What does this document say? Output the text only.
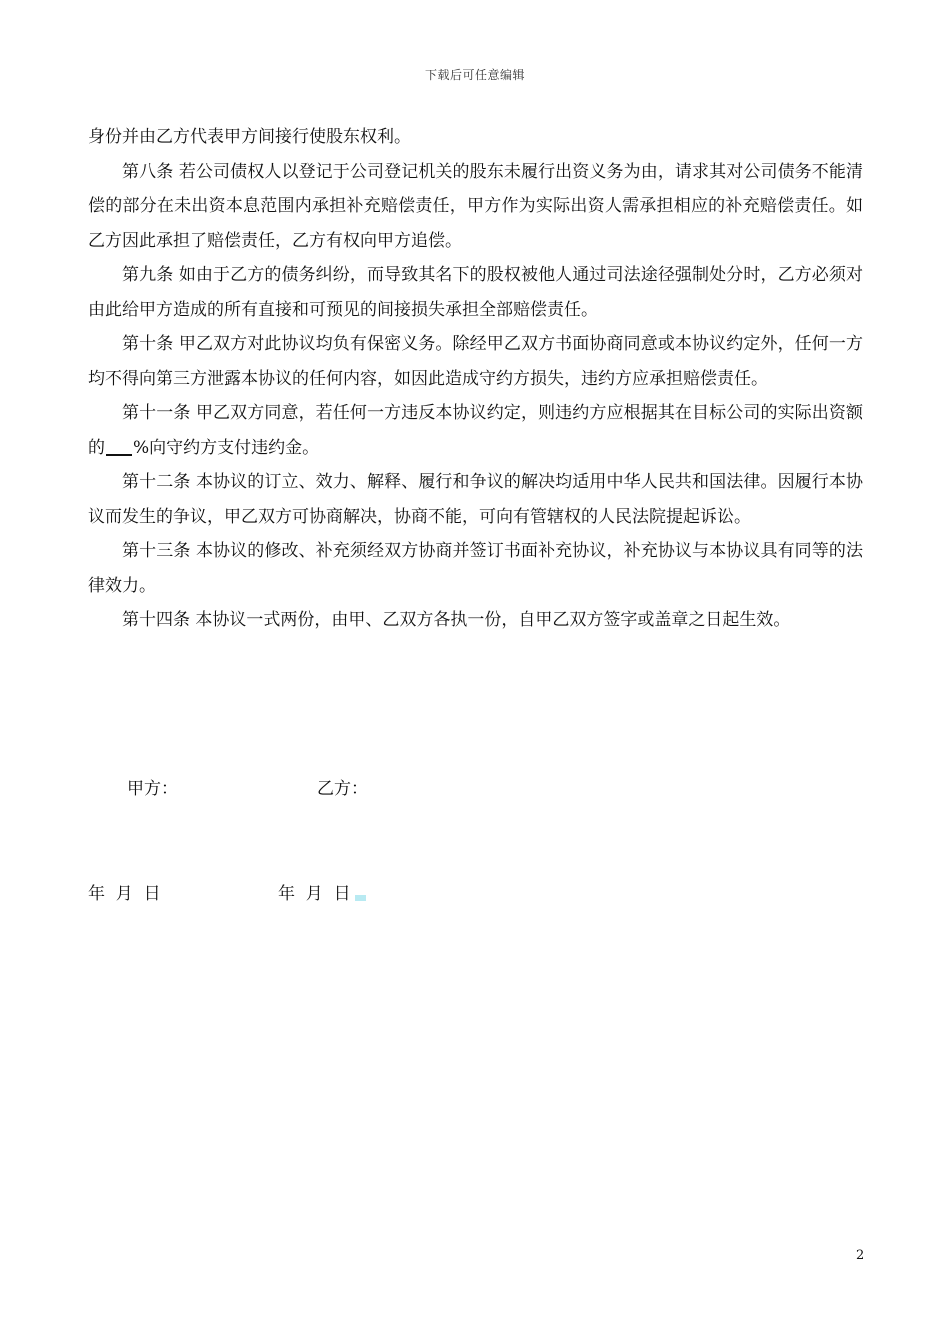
下载后可任意编辑

身份并由乙方代表甲方间接行使股东权利。

第八条 若公司债权人以登记于公司登记机关的股东未履行出资义务为由，请求其对公司债务不能清偿的部分在未出资本息范围内承担补充赔偿责任，甲方作为实际出资人需承担相应的补充赔偿责任。如乙方因此承担了赔偿责任，乙方有权向甲方追偿。

第九条 如由于乙方的债务纠纷，而导致其名下的股权被他人通过司法途径强制处分时，乙方必须对由此给甲方造成的所有直接和可预见的间接损失承担全部赔偿责任。

第十条 甲乙双方对此协议均负有保密义务。除经甲乙双方书面协商同意或本协议约定外，任何一方均不得向第三方泄露本协议的任何内容，如因此造成守约方损失，违约方应承担赔偿责任。

第十一条 甲乙双方同意，若任何一方违反本协议约定，则违约方应根据其在目标公司的实际出资额的 %向守约方支付违约金。

第十二条 本协议的订立、效力、解释、履行和争议的解决均适用中华人民共和国法律。因履行本协议而发生的争议，甲乙双方可协商解决，协商不能，可向有管辖权的人民法院提起诉讼。

第十三条 本协议的修改、补充须经双方协商并签订书面补充协议，补充协议与本协议具有同等的法律效力。

第十四条 本协议一式两份，由甲、乙双方各执一份，自甲乙双方签字或盖章之日起生效。

甲方：	乙方：
年  月  日	年  月  日
2
